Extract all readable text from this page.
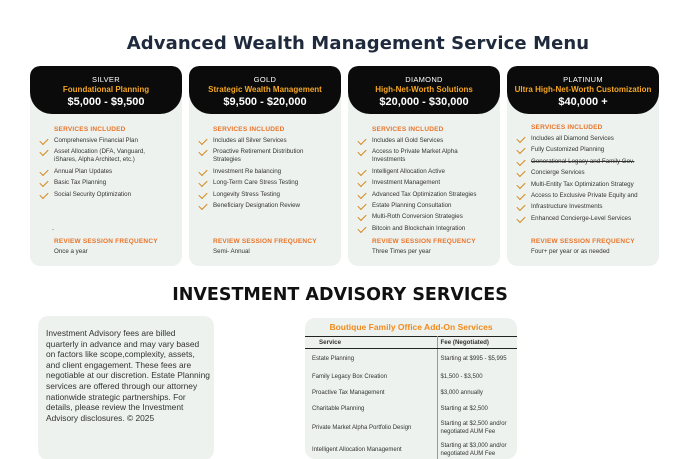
Advanced Wealth Management Service Menu
SILVER
Foundational Planning
$5,000 - $9,500
SERVICES INCLUDED
Comprehensive Financial Plan
Asset Allocation (DFA, Vanguard, iShares, Alpha Architect, etc.)
Annual Plan Updates
Basic Tax Planning
Social Security Optimization
-
REVIEW SESSION FREQUENCY
Once a year
GOLD
Strategic Wealth Management
$9,500 - $20,000
SERVICES INCLUDED
Includes all Silver Services
Proactive Retirement Distribution Strategies
Investment Re balancing
Long-Term Care Stress Testing
Longevity Stress Testing
Beneficiary Designation Review
REVIEW SESSION FREQUENCY
Semi- Annual
DIAMOND
High-Net-Worth Solutions
$20,000 - $30,000
SERVICES INCLUDED
Includes all Gold Services
Access to Private Market Alpha Investments
Intelligent Allocation Active
Investment Management
Advanced Tax Optimization Strategies
Estate Planning Consultation
Multi-Roth Conversion Strategies
Bitcoin and Blockchain Integration
REVIEW SESSION FREQUENCY
Three Times per year
PLATINUM
Ultra High-Net-Worth Customization
$40,000 +
SERVICES INCLUDED
Includes all Diamond Services
Fully Customized Planning
Generational Legacy and Family Gov.
Concierge Services
Multi-Entity Tax Optimization Strategy
Access to Exclusive Private Equity and
Infrastructure Investments
Enhanced Concierge-Level Services
REVIEW SESSION FREQUENCY
Four+ per year or as needed
INVESTMENT ADVISORY SERVICES

Investment Advisory fees are billed quarterly in advance and may vary based on factors like scope,complexity, assets, and client engagement. These fees are negotiable at our discretion. Estate Planning services are offered through our attorney nationwide strategic partnerships. For details, please review the Investment Advisory disclosures. © 2025

Boutique Family Office Add-On Services
Service	Fee (Negotiated)
Estate Planning	Starting at $995 - $5,995
Family Legacy Box Creation	$1,500 - $3,500
Proactive Tax Management	$3,000 annually
Charitable Planning	Starting at $2,500
Private Market Alpha Portfolio Design	Starting at $2,500 and/or negotiated AUM Fee
Intelligent Allocation Management	Starting at $3,000 and/or negotiated AUM Fee
